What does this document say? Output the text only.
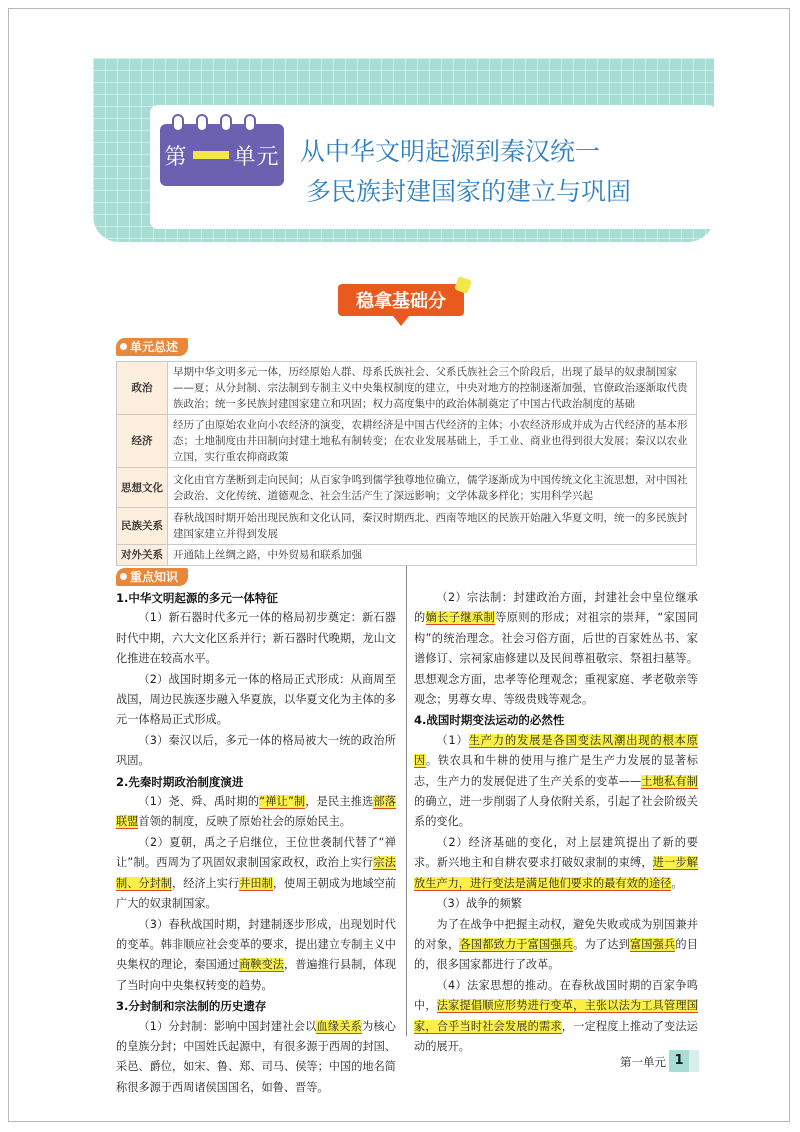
第 单元 从中华文明起源到秦汉统一
多民族封建国家的建立与巩固
稳拿基础分
单元总述
政治	早期中华文明多元一体，历经原始人群、母系氏族社会、父系氏族社会三个阶段后，出现了最早的奴隶制国家——夏；从分封制、宗法制到专制主义中央集权制度的建立，中央对地方的控制逐渐加强，官僚政治逐渐取代贵族政治；统一多民族封建国家建立和巩固；权力高度集中的政治体制奠定了中国古代政治制度的基础
经济	经历了由原始农业向小农经济的演变，农耕经济是中国古代经济的主体；小农经济形成并成为古代经济的基本形态；土地制度由井田制向封建土地私有制转变；在农业发展基础上，手工业、商业也得到很大发展；秦汉以农业立国，实行重农抑商政策
思想文化	文化由官方垄断到走向民间；从百家争鸣到儒学独尊地位确立，儒学逐渐成为中国传统文化主流思想，对中国社会政治、文化传统、道德观念、社会生活产生了深远影响；文学体裁多样化；实用科学兴起
民族关系	春秋战国时期开始出现民族和文化认同，秦汉时期西北、西南等地区的民族开始融入华夏文明，统一的多民族封建国家建立并得到发展
对外关系	开通陆上丝绸之路，中外贸易和联系加强
重点知识
1.中华文明起源的多元一体特征

（1）新石器时代多元一体的格局初步奠定：新石器时代中期，六大文化区系并行；新石器时代晚期，龙山文化推进在较高水平。

（2）战国时期多元一体的格局正式形成：从商周至战国，周边民族逐步融入华夏族，以华夏文化为主体的多元一体格局正式形成。

（3）秦汉以后，多元一体的格局被大一统的政治所巩固。

2.先秦时期政治制度演进

（1）尧、舜、禹时期的“禅让”制，是民主推选部落联盟首领的制度，反映了原始社会的原始民主。

（2）夏朝，禹之子启继位，王位世袭制代替了“禅让”制。西周为了巩固奴隶制国家政权，政治上实行宗法制、分封制，经济上实行井田制，使周王朝成为地域空前广大的奴隶制国家。

（3）春秋战国时期，封建制逐步形成，出现划时代的变革。韩非顺应社会变革的要求，提出建立专制主义中央集权的理论，秦国通过商鞅变法，普遍推行县制，体现了当时向中央集权转变的趋势。

3.分封制和宗法制的历史遗存

（1）分封制：影响中国封建社会以血缘关系为核心的皇族分封；中国姓氏起源中，有很多源于西周的封国、采邑、爵位，如宋、鲁、郑、司马、侯等；中国的地名简称很多源于西周诸侯国国名，如鲁、晋等。

（2）宗法制：封建政治方面，封建社会中皇位继承的嫡长子继承制等原则的形成；对祖宗的崇拜，“家国同构”的统治理念。社会习俗方面，后世的百家姓丛书、家谱修订、宗祠家庙修建以及民间尊祖敬宗、祭祖扫墓等。思想观念方面，忠孝等伦理观念；重视家庭、孝老敬亲等观念；男尊女卑、等级贵贱等观念。

4.战国时期变法运动的必然性

（1）生产力的发展是各国变法风潮出现的根本原因。铁农具和牛耕的使用与推广是生产力发展的显著标志，生产力的发展促进了生产关系的变革——土地私有制的确立，进一步削弱了人身依附关系，引起了社会阶级关系的变化。

（2）经济基础的变化，对上层建筑提出了新的要求。新兴地主和自耕农要求打破奴隶制的束缚，进一步解放生产力，进行变法是满足他们要求的最有效的途径。

（3）战争的频繁

为了在战争中把握主动权，避免失败或成为别国兼并的对象，各国都致力于富国强兵。为了达到富国强兵的目的，很多国家都进行了改革。

（4）法家思想的推动。在春秋战国时期的百家争鸣中，法家提倡顺应形势进行变革，主张以法为工具管理国家，合乎当时社会发展的需求，一定程度上推动了变法运动的展开。

第一单元 1
